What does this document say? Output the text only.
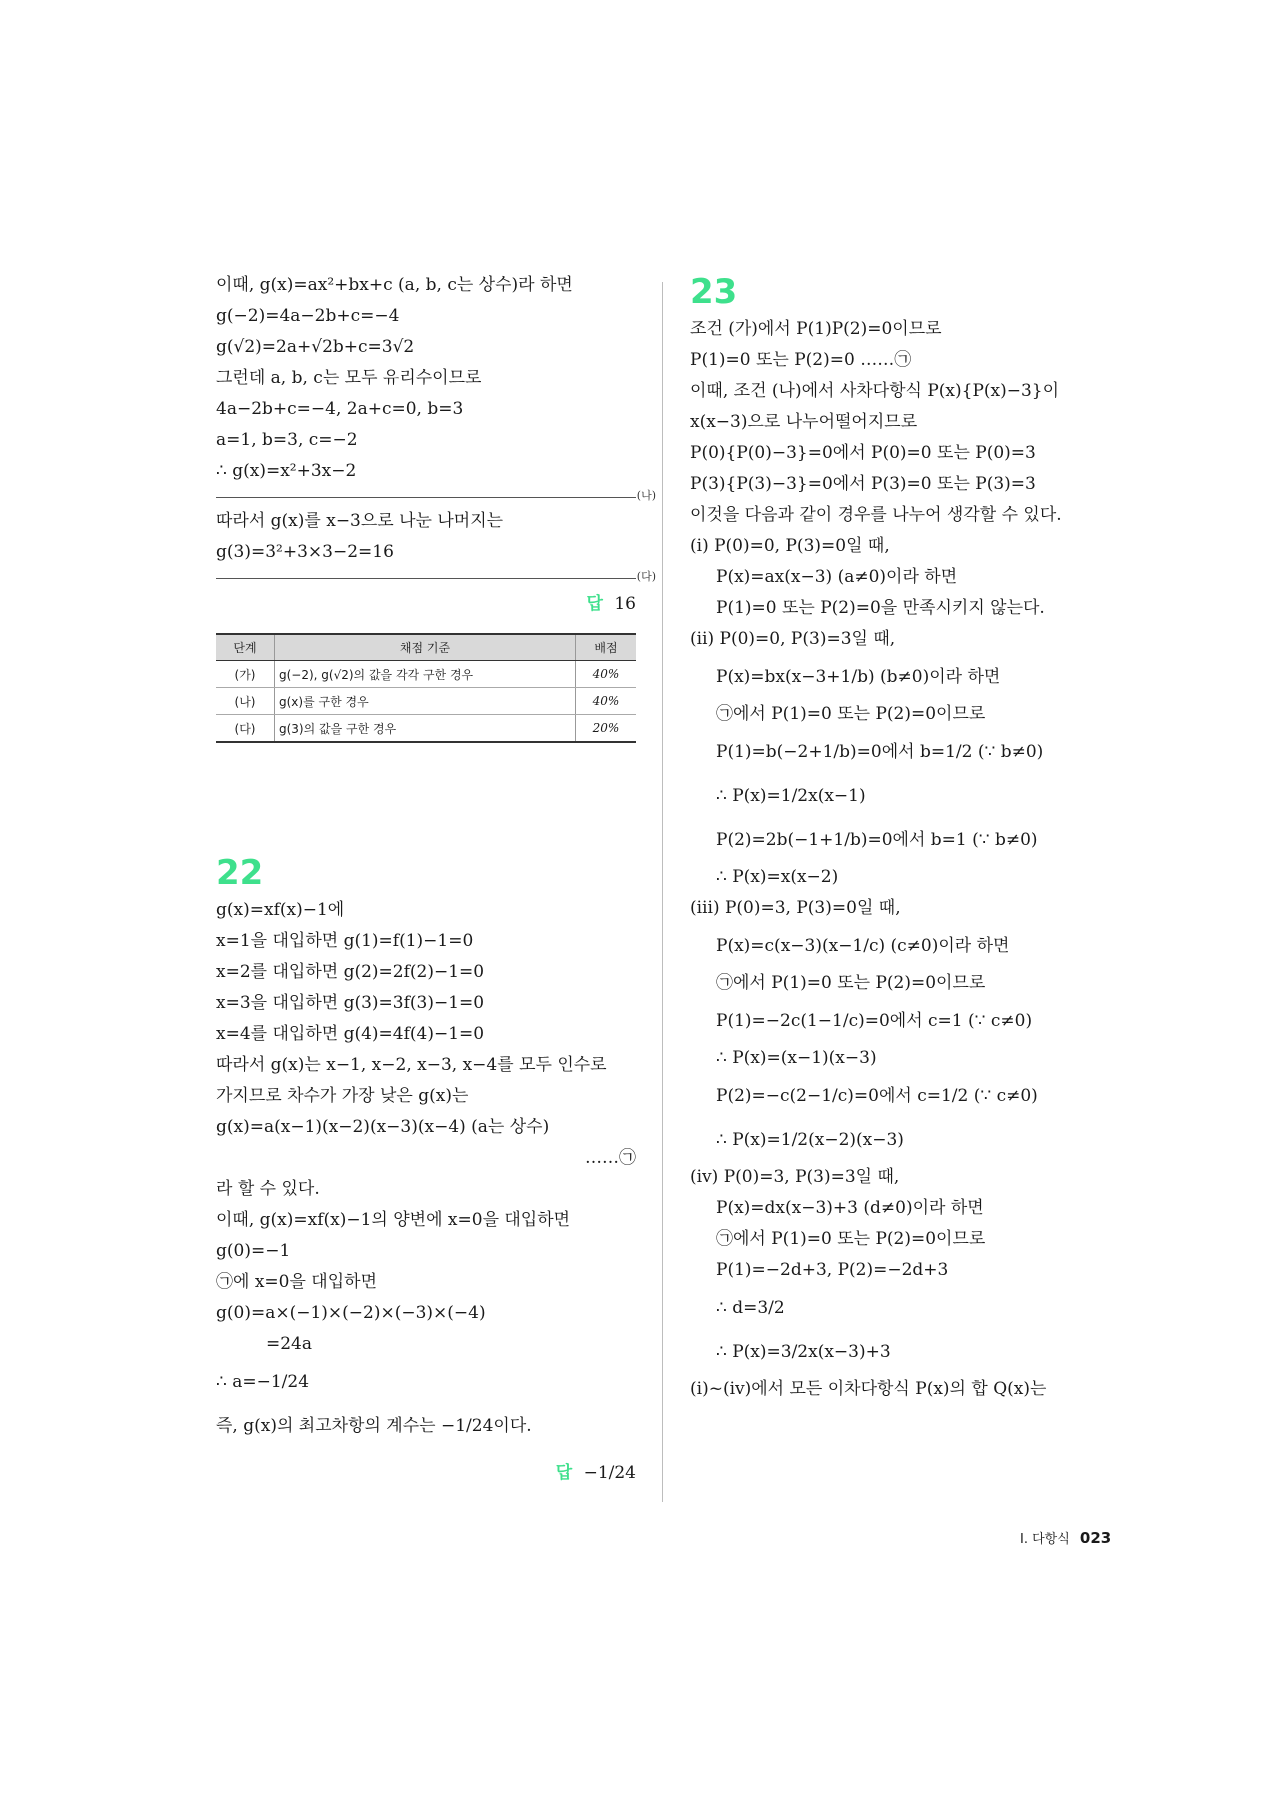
이때, g(x)=ax²+bx+c (a, b, c는 상수)라 하면
g(−2)=4a−2b+c=−4
g(√2)=2a+√2b+c=3√2
그런데 a, b, c는 모두 유리수이므로
4a−2b+c=−4, 2a+c=0, b=3
a=1, b=3, c=−2
∴ g(x)=x²+3x−2
(나)
따라서 g(x)를 x−3으로 나눈 나머지는
g(3)=3²+3×3−2=16
(다)
답 16
단계	채점 기준	배점
(가)	g(−2), g(√2)의 값을 각각 구한 경우	40%
(나)	g(x)를 구한 경우	40%
(다)	g(3)의 값을 구한 경우	20%
22
g(x)=xf(x)−1에
x=1을 대입하면 g(1)=f(1)−1=0
x=2를 대입하면 g(2)=2f(2)−1=0
x=3을 대입하면 g(3)=3f(3)−1=0
x=4를 대입하면 g(4)=4f(4)−1=0
따라서 g(x)는 x−1, x−2, x−3, x−4를 모두 인수로
가지므로 차수가 가장 낮은 g(x)는
g(x)=a(x−1)(x−2)(x−3)(x−4) (a는 상수)
……㉠
라 할 수 있다.
이때, g(x)=xf(x)−1의 양변에 x=0을 대입하면
g(0)=−1
㉠에 x=0을 대입하면
g(0)=a×(−1)×(−2)×(−3)×(−4)
=24a
∴ a=−1/24
즉, g(x)의 최고차항의 계수는 −1/24이다.
답 −1/24
23
조건 (가)에서 P(1)P(2)=0이므로
P(1)=0 또는 P(2)=0 ……㉠
이때, 조건 (나)에서 사차다항식 P(x){P(x)−3}이
x(x−3)으로 나누어떨어지므로
P(0){P(0)−3}=0에서 P(0)=0 또는 P(0)=3
P(3){P(3)−3}=0에서 P(3)=0 또는 P(3)=3
이것을 다음과 같이 경우를 나누어 생각할 수 있다.
(ⅰ) P(0)=0, P(3)=0일 때,
P(x)=ax(x−3) (a≠0)이라 하면
P(1)=0 또는 P(2)=0을 만족시키지 않는다.
(ⅱ) P(0)=0, P(3)=3일 때,
P(x)=bx(x−3+1/b) (b≠0)이라 하면
㉠에서 P(1)=0 또는 P(2)=0이므로
P(1)=b(−2+1/b)=0에서 b=1/2 (∵ b≠0)
∴ P(x)=1/2x(x−1)
P(2)=2b(−1+1/b)=0에서 b=1 (∵ b≠0)
∴ P(x)=x(x−2)
(ⅲ) P(0)=3, P(3)=0일 때,
P(x)=c(x−3)(x−1/c) (c≠0)이라 하면
㉠에서 P(1)=0 또는 P(2)=0이므로
P(1)=−2c(1−1/c)=0에서 c=1 (∵ c≠0)
∴ P(x)=(x−1)(x−3)
P(2)=−c(2−1/c)=0에서 c=1/2 (∵ c≠0)
∴ P(x)=1/2(x−2)(x−3)
(ⅳ) P(0)=3, P(3)=3일 때,
P(x)=dx(x−3)+3 (d≠0)이라 하면
㉠에서 P(1)=0 또는 P(2)=0이므로
P(1)=−2d+3, P(2)=−2d+3
∴ d=3/2
∴ P(x)=3/2x(x−3)+3
(ⅰ)~(ⅳ)에서 모든 이차다항식 P(x)의 합 Q(x)는
Ⅰ. 다항식 023
